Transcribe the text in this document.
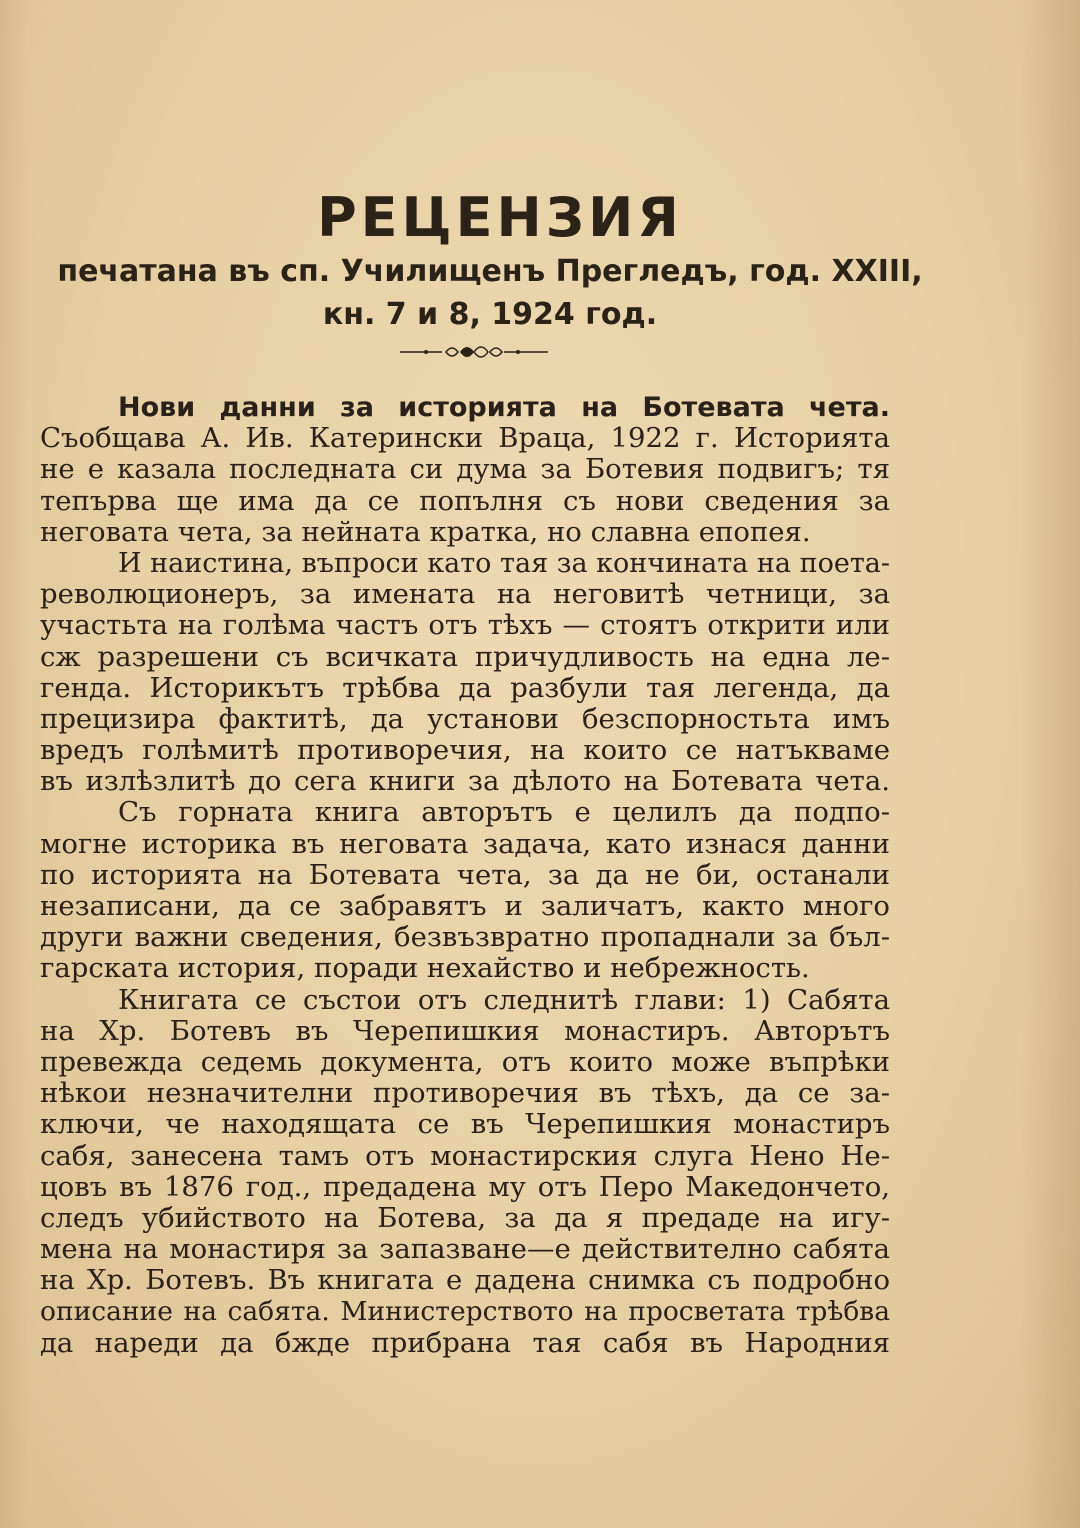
РЕЦЕНЗИЯ
печатана въ сп. Училищенъ Прегледъ, год. XXIII,
кн. 7 и 8, 1924 год.
Нови данни за историята на Ботевата чета.
Съобщава А. Ив. Катерински Враца, 1922 г. Историята
не е казала последната си дума за Ботевия подвигъ; тя
тепърва ще има да се попълня съ нови сведения за
неговата чета, за нейната кратка, но славна епопея.
И наистина, въпроси като тая за кончината на поета-
революционеръ, за имената на неговитѣ четници, за
участьта на голѣма частъ отъ тѣхъ — стоятъ открити или
сж разрешени съ всичката причудливость на една ле-
генда. Историкътъ трѣбва да разбули тая легенда, да
прецизира фактитѣ, да установи безспорностьта имъ
вредъ голѣмитѣ противоречия, на които се натъкваме
въ излѣзлитѣ до сега книги за дѣлото на Ботевата чета.
Съ горната книга авторътъ е целилъ да подпо-
могне историка въ неговата задача, като изнася данни
по историята на Ботевата чета, за да не би, останали
незаписани, да се забравятъ и заличатъ, както много
други важни сведения, безвъзвратно пропаднали за бъл-
гарската история, поради нехайство и небрежность.
Книгата се състои отъ следнитѣ глави: 1) Сабята
на Хр. Ботевъ въ Черепишкия монастиръ. Авторътъ
превежда седемь документа, отъ които може въпрѣки
нѣкои незначителни противоречия въ тѣхъ, да се за-
ключи, че находящата се въ Черепишкия монастиръ
сабя, занесена тамъ отъ монастирския слуга Нено Не-
цовъ въ 1876 год., предадена му отъ Перо Македончето,
следъ убийството на Ботева, за да я предаде на игу-
мена на монастиря за запазване—е действително сабята
на Хр. Ботевъ. Въ книгата е дадена снимка съ подробно
описание на сабята. Министерството на просветата трѣбва
да нареди да бжде прибрана тая сабя въ Народния
